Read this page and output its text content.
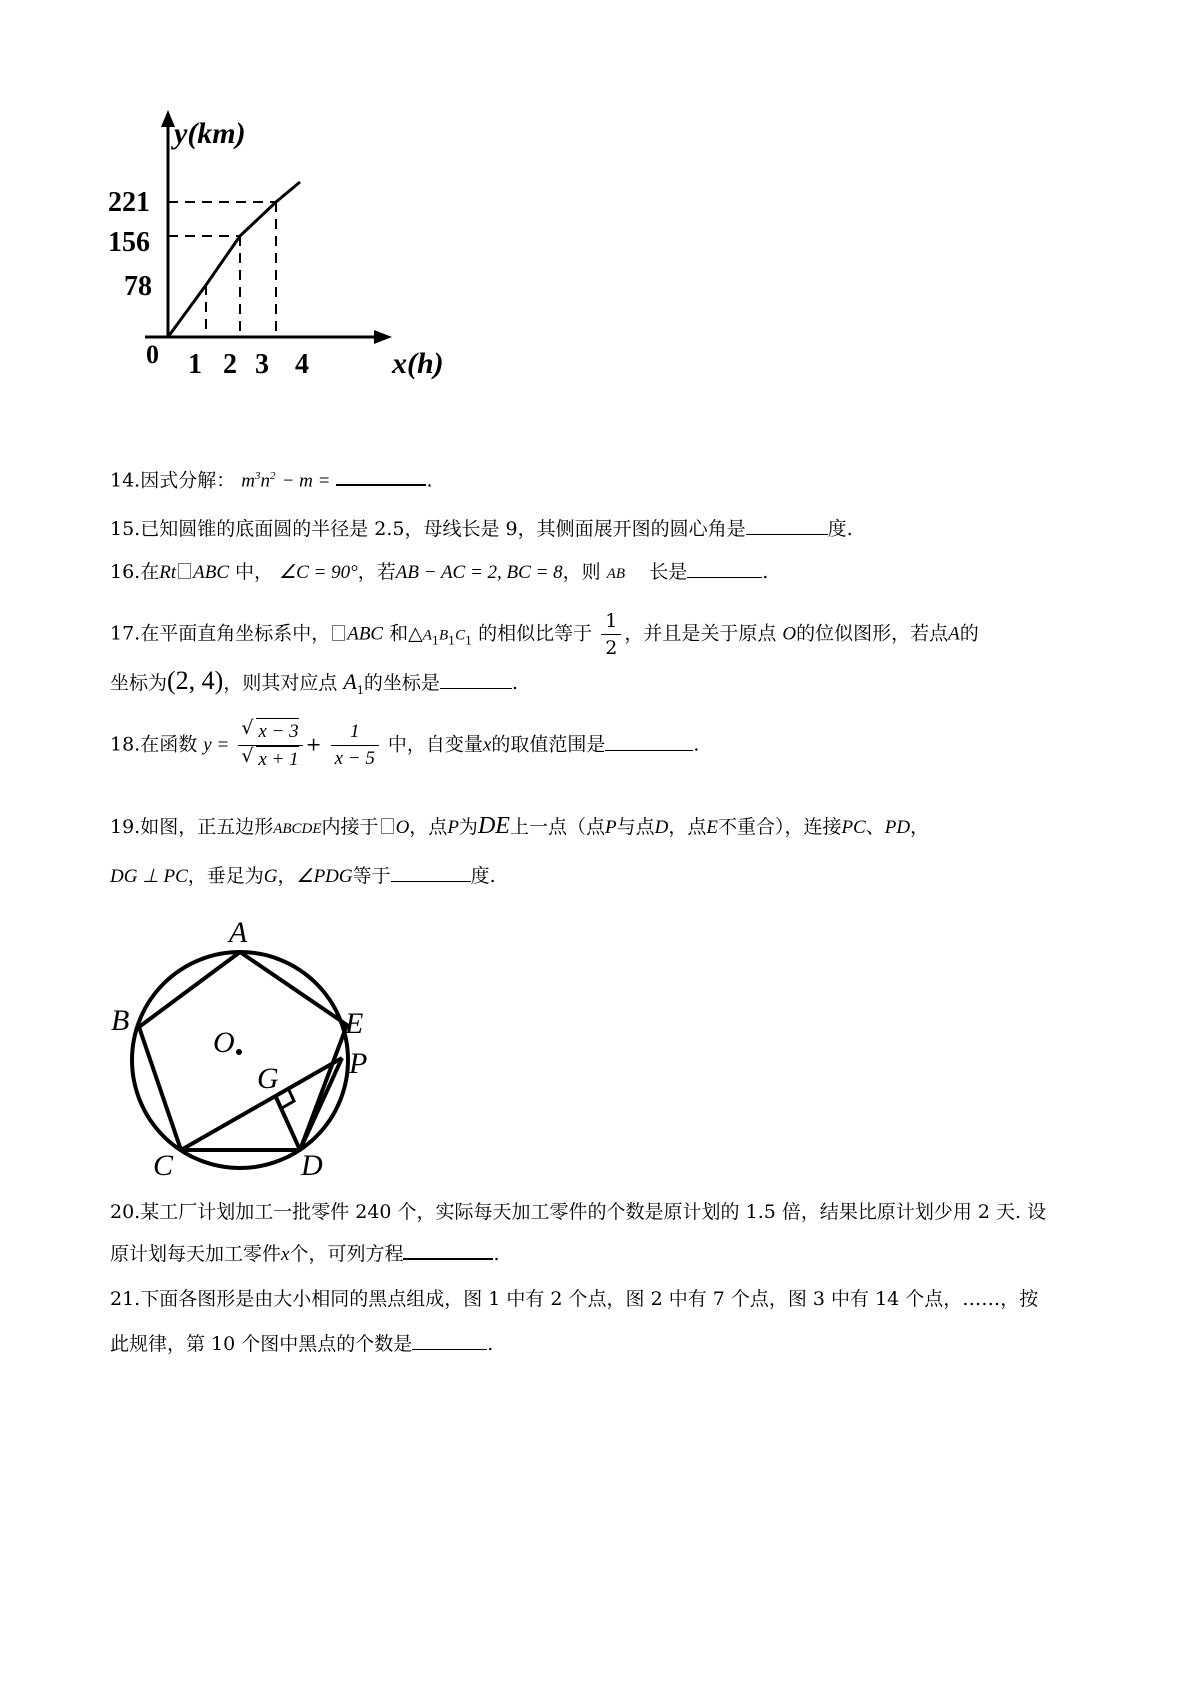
y(km)
x(h)
0
221
156
78
1 2 3 4
14.因式分解： $m^3n^2 - m$ =	.
15.已知圆锥的底面圆的半径是 2.5，母线长是 9，其侧面展开图的圆心角是	度.
16.在Rt ABC 中， ∠C = 90°，若AB − AC = 2, BC = 8，则 AB 长是	.
17.在平面直角坐标系中， ABC 和$\triangle A_1B_1C_1$ 的相似比等于 $\frac{1}{2}$ ，并且是关于原点 O的位似图形，若点A的
坐标为(2, 4)，则其对应点 $A_1$的坐标是	.
18.在函数 y =
√ x − 3
√ $x + 1 + \frac{1}{x - 5}$ 中，自变量x的取值范围是	.
19.如图，正五边形ABCDE内接于 O，点P为DE上一点（点P与点D，点E不重合），连接PC、PD，
DG ⊥ PC，垂足为G，∠PDG等于	度.
A
B
C	D
E
P
G
O
20.某工厂计划加工一批零件 240 个，实际每天加工零件的个数是原计划的 1.5 倍，结果比原计划少用 2 天. 设
原计划每天加工零件x个，可列方程	.
21.下面各图形是由大小相同的黑点组成，图 1 中有 2 个点，图 2 中有 7 个点，图 3 中有 14 个点，……，按
此规律，第 10 个图中黑点的个数是	.
